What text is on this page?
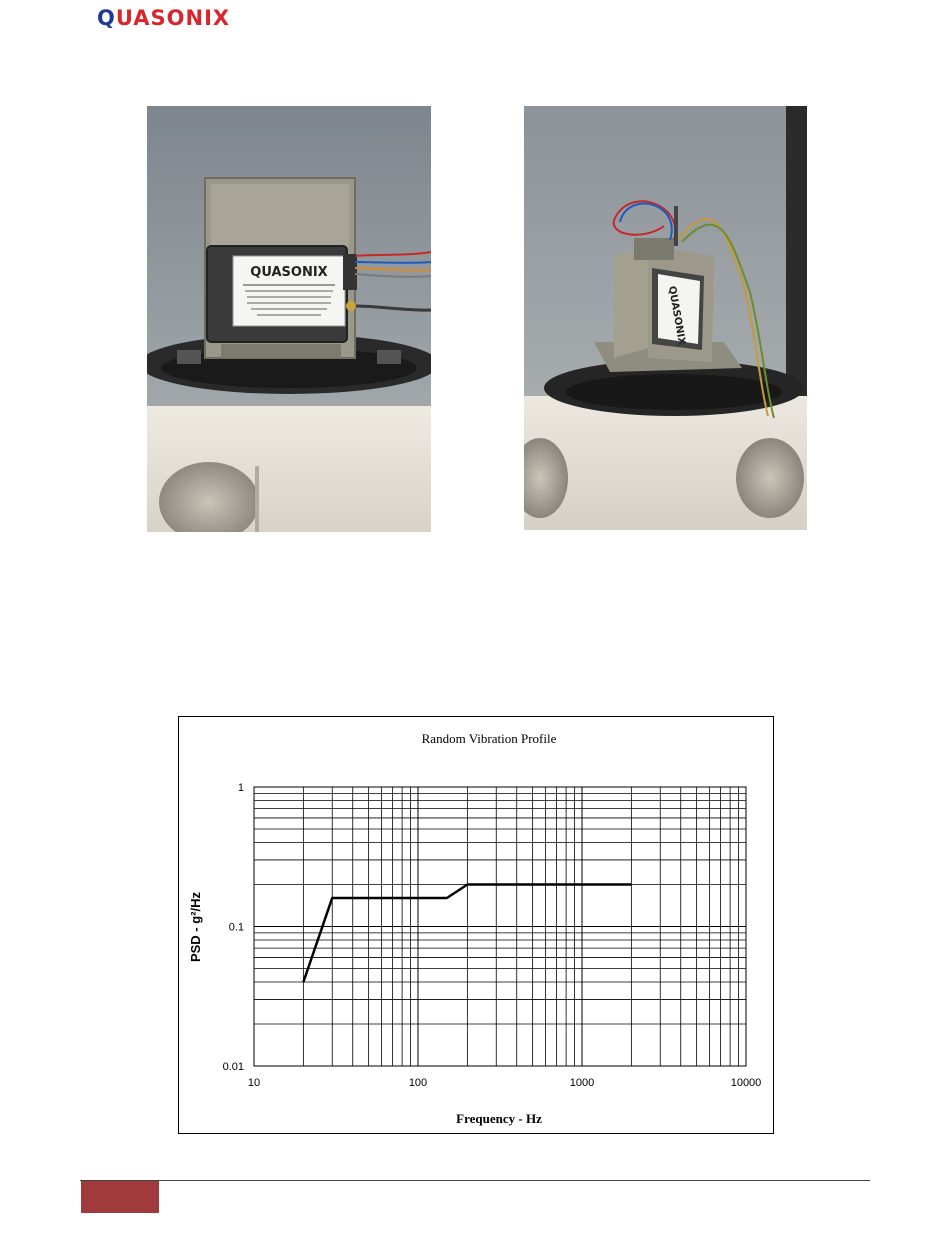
QUASONIX
QUASONIX
QUASONIX
Random Vibration Profile
Frequency - Hz
PSD - g²/Hz
10	100	1000	10000
0.01
0.1
1
